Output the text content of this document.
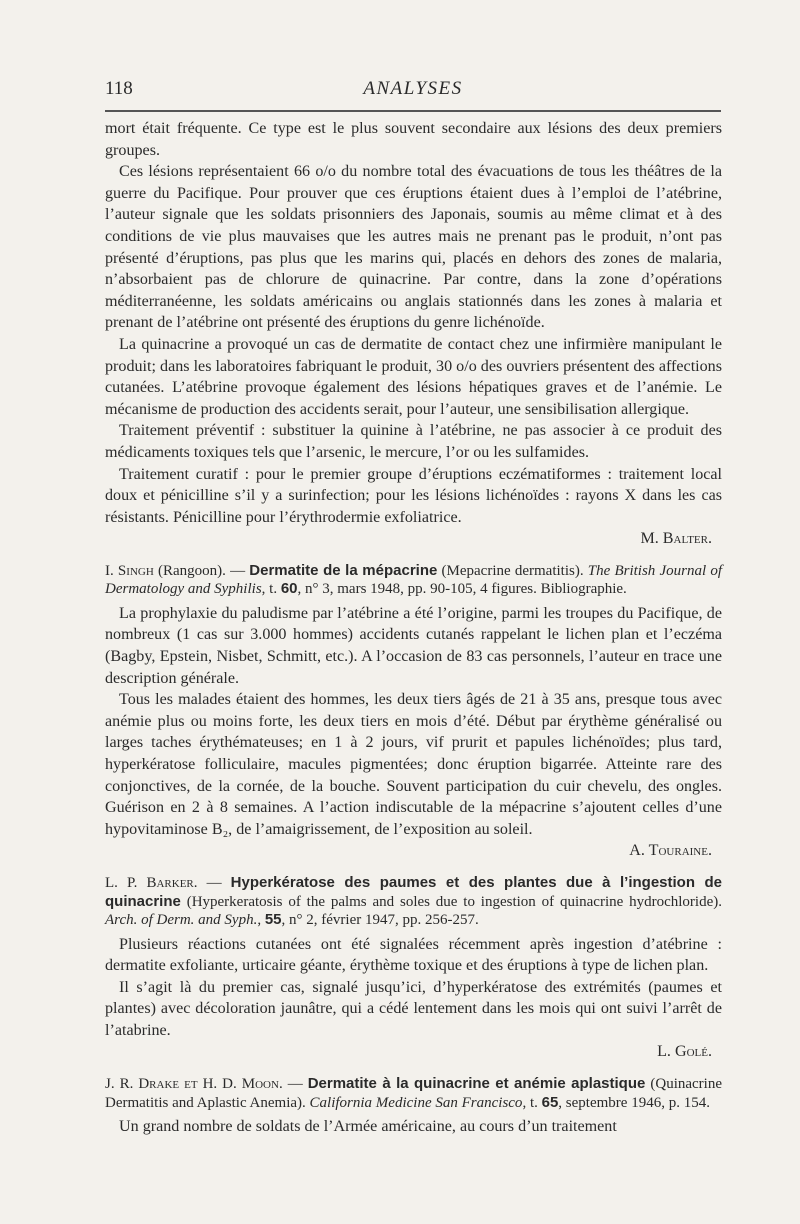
118	ANALYSES

mort était fréquente. Ce type est le plus souvent secondaire aux lésions des deux premiers groupes.

Ces lésions représentaient 66 o/o du nombre total des évacuations de tous les théâtres de la guerre du Pacifique. Pour prouver que ces éruptions étaient dues à l’emploi de l’atébrine, l’auteur signale que les soldats prisonniers des Japonais, soumis au même climat et à des conditions de vie plus mauvaises que les autres mais ne prenant pas le produit, n’ont pas présenté d’éruptions, pas plus que les marins qui, placés en dehors des zones de malaria, n’absorbaient pas de chlorure de quinacrine. Par contre, dans la zone d’opérations méditerranéenne, les soldats américains ou anglais stationnés dans les zones à malaria et prenant de l’atébrine ont présenté des éruptions du genre lichénoïde.

La quinacrine a provoqué un cas de dermatite de contact chez une infirmière manipulant le produit; dans les laboratoires fabriquant le produit, 30 o/o des ouvriers présentent des affections cutanées. L’atébrine provoque également des lésions hépatiques graves et de l’anémie. Le mécanisme de production des accidents serait, pour l’auteur, une sensibilisation allergique.

Traitement préventif : substituer la quinine à l’atébrine, ne pas associer à ce produit des médicaments toxiques tels que l’arsenic, le mercure, l’or ou les sulfamides.

Traitement curatif : pour le premier groupe d’éruptions eczématiformes : traitement local doux et pénicilline s’il y a surinfection; pour les lésions lichénoïdes : rayons X dans les cas résistants. Pénicilline pour l’érythrodermie exfoliatrice.

M. Balter.

I. Singh (Rangoon). — Dermatite de la mépacrine (Mepacrine dermatitis). The British Journal of Dermatology and Syphilis, t. 60, n° 3, mars 1948, pp. 90-105, 4 figures. Bibliographie.

La prophylaxie du paludisme par l’atébrine a été l’origine, parmi les troupes du Pacifique, de nombreux (1 cas sur 3.000 hommes) accidents cutanés rappelant le lichen plan et l’eczéma (Bagby, Epstein, Nisbet, Schmitt, etc.). A l’occasion de 83 cas personnels, l’auteur en trace une description générale.

Tous les malades étaient des hommes, les deux tiers âgés de 21 à 35 ans, presque tous avec anémie plus ou moins forte, les deux tiers en mois d’été. Début par érythème généralisé ou larges taches érythémateuses; en 1 à 2 jours, vif prurit et papules lichénoïdes; plus tard, hyperkératose folliculaire, macules pigmentées; donc éruption bigarrée. Atteinte rare des conjonctives, de la cornée, de la bouche. Souvent participation du cuir chevelu, des ongles. Guérison en 2 à 8 semaines. A l’action indiscutable de la mépacrine s’ajoutent celles d’une hypovitaminose B₂, de l’amaigrissement, de l’exposition au soleil.

A. Touraine.

L. P. Barker. — Hyperkératose des paumes et des plantes due à l’ingestion de quinacrine (Hyperkeratosis of the palms and soles due to ingestion of quinacrine hydrochloride). Arch. of Derm. and Syph., 55, n° 2, février 1947, pp. 256-257.

Plusieurs réactions cutanées ont été signalées récemment après ingestion d’atébrine : dermatite exfoliante, urticaire géante, érythème toxique et des éruptions à type de lichen plan.

Il s’agit là du premier cas, signalé jusqu’ici, d’hyperkératose des extrémités (paumes et plantes) avec décoloration jaunâtre, qui a cédé lentement dans les mois qui ont suivi l’arrêt de l’atabrine.

L. Golé.

J. R. Drake et H. D. Moon. — Dermatite à la quinacrine et anémie aplastique (Quinacrine Dermatitis and Aplastic Anemia). California Medicine San Francisco, t. 65, septembre 1946, p. 154.

Un grand nombre de soldats de l’Armée américaine, au cours d’un traitement
